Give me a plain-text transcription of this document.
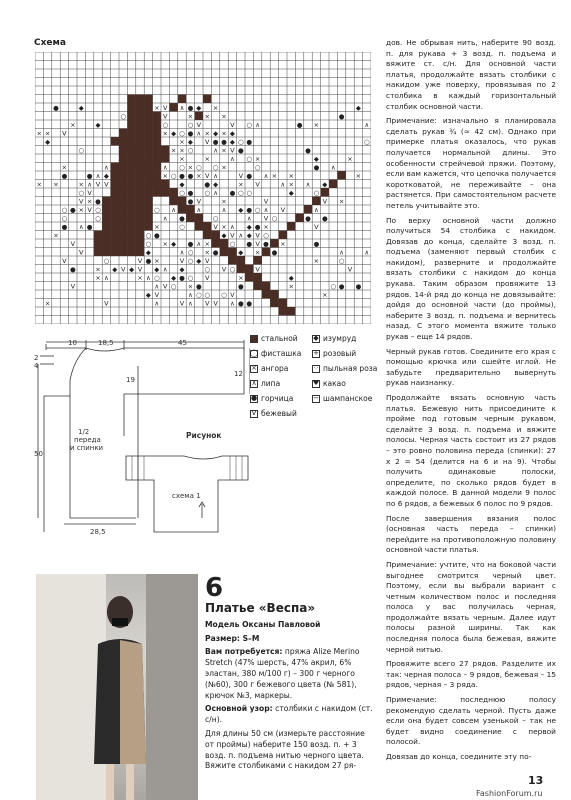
Схема
●	◆	× V ∧ ● ◆ ×	◆
○	V	× × ×	●
×	◆	○	○ V	V ○ ∧	● ×	∧
× × V	× ◆ ○ ● ∧ × ◆ × ◆
◆	× ◆ V ● ● ◆ ○ ●	○
○	× × ○	∧ × V ●	●
×	×	∧ ○ ×	◆	×
×	∧	∧ ○ × ○ ○ ×	○	● ∧
●	● ∧ ◆	× ○ ● ● × V ∧	V ● ∧ × ×	×
× ×	× ∧ V V	◆	● ◆	× V	∧ × ∧ ◆
○ V	○ ● ○ ∧ ● ○ ○	◆	○
V × ●	● V	×	V	V ×
○ ● × V ○	○ ∧	∧	∧ ◆ ● ○ ∧ V	∧
○	○	∧ ●	○	∧ V ○	● ●
● ∧ ●	×	○	V × ∧ ◆ ● ×	V
×	○ ●	◆ V ∧ ◆ V ○
V	○ × ◆ ● ∧ ×	○ ● V ● ×	●
V	◆	∧ ○ × ●	◆ × ●	∧	∧
V	○	V ● ×	V ○ ◆ V	×	○
●	× ◆ V ◆ V ◆ ∧ ◆	○ V ○	V	V
× ∧	× ∧ ○ ◆ ● ○ V	×	◆
V	∧ V ○ × ●	●	×	○ ● ●
◆ V	∧ ○ ○ ○ V	×
×	V	∧	V ∧ V V ∧ ● ●
стальной
◯ фисташка
× ангора
∧ липа
● горчица
V бежевый
◆ изумруд
+ розовый
⁘ пыльная роза
♥ какао
− шампанское
10	18,5	45
2
4
19
12
50
28,5
1/2
переда
и спинки
Рисунок
схема 1
6
Платье «Веспа»

Модель Оксаны Павловой

Размер: S–M

Вам потребуется: пряжа Alize Merino Stretch (47% шерсть, 47% акрил, 6% эластан, 380 м/100 г) – 300 г черного (№60), 300 г бежевого цвета (№ 581), крючок №3, маркеры.

Основной узор: столбики с накидом (ст. с/н).

Для длины 50 см (измерьте расстояние от проймы) наберите 150 возд. п. + 3 возд. п. подъема нитью черного цвета. Вяжите столбиками с накидом 27 ря-

дов. Не обрывая нить, наберите 90 возд. п. для рукава + 3 возд. п. подъема и вяжите ст. с/н. Для основной части платья, продолжайте вязать столбики с накидом уже поверху, провязывая по 2 столбика в каждый горизонтальный столбик основной части.

Примечание: изначально я планировала сделать рукав ¾ (≈ 42 см). Однако при примерке платья оказалось, что рукав получается нормальной длины. Это особенности стрейчевой пряжи. Поэтому, если вам кажется, что цепочка получается коротковатой, не переживайте – она растянется. При самостоятельном расчете петель учитывайте это.

По верху основной части должно получиться 54 столбика с накидом. Довязав до конца, сделайте 3 возд. п. подъема (заменяют первый столбик с накидом), разверните и продолжайте вязать столбики с накидом до конца рукава. Таким образом провяжите 13 рядов. 14-й ряд до конца не довязывайте: дойдя до основной части (до проймы), наберите 3 возд. п. подъема и вернитесь назад. С этого момента вяжите только рукав – еще 14 рядов.

Черный рукав готов. Соедините его края с помощью крючка или сшейте иглой. Не забудьте предварительно вывернуть рукав наизнанку.

Продолжайте вязать основную часть платья. Бежевую нить присоедините к пройме под готовым черным рукавом, сделайте 3 возд. п. подъема и вяжите полосы. Черная часть состоит из 27 рядов – это ровно половина переда (спинки): 27 х 2 = 54 (делится на 6 и на 9). Чтобы получить одинаковые полоски, определите, по сколько рядов будет в каждой полосе. В данной модели 9 полос по 6 рядов, а бежевых 6 полос по 9 рядов.

После завершения вязания полос (основная часть переда – спинки) перейдите на противоположную половину основной части платья.

Примечание: учтите, что на боковой части выгоднее смотрится черный цвет. Поэтому, если вы выбрали вариант с четным количеством полос и последняя полоса у вас получилась черная, продолжайте вязать черным. Далее идут полосы разной ширины. Так как последняя полоса была бежевая, вяжите черной нитью.

Провяжите всего 27 рядов. Разделите их так: черная полоса – 9 рядов, бежевая – 15 рядов, черная – 3 ряда.

Примечание: последнюю полосу рекомендую сделать черной. Пусть даже если она будет совсем узенькой – так не будет видно соединение с первой полосой.

Довязав до конца, соедините эту по-

13
FashionForum.ru
